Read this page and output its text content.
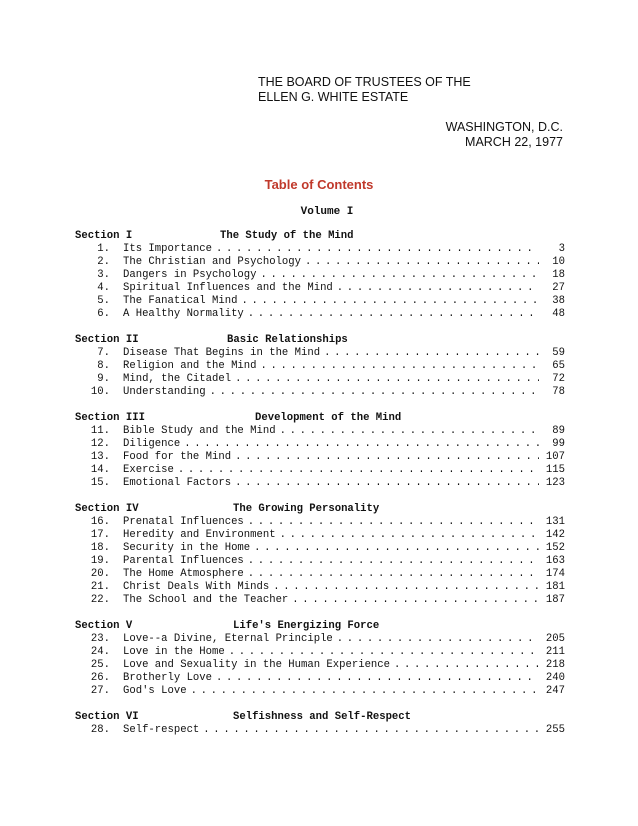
THE BOARD OF TRUSTEES OF THE
ELLEN G. WHITE ESTATE
WASHINGTON, D.C.
MARCH 22, 1977
Table of Contents
Volume I
Section I	The Study of the Mind
1.	Its Importance . . .	3
2.	The Christian and Psychology . . .	10
3.	Dangers in Psychology . . .	18
4.	Spiritual Influences and the Mind . . .	27
5.	The Fanatical Mind . . .	38
6.	A Healthy Normality . . .	48
Section II	Basic Relationships
7.	Disease That Begins in the Mind . . .	59
8.	Religion and the Mind . . .	65
9.	Mind, the Citadel . . .	72
10.	Understanding . . .	78
Section III	Development of the Mind
11.	Bible Study and the Mind . . .	89
12.	Diligence . . .	99
13.	Food for the Mind . . .	107
14.	Exercise . . .	115
15.	Emotional Factors . . .	123
Section IV	The Growing Personality
16.	Prenatal Influences . . .	131
17.	Heredity and Environment . . .	142
18.	Security in the Home . . .	152
19.	Parental Influences . . .	163
20.	The Home Atmosphere . . .	174
21.	Christ Deals With Minds . . .	181
22.	The School and the Teacher . . .	187
Section V	Life's Energizing Force
23.	Love--a Divine, Eternal Principle . . .	205
24.	Love in the Home . . .	211
25.	Love and Sexuality in the Human Experience . . .	218
26.	Brotherly Love . . .	240
27.	God's Love . . .	247
Section VI	Selfishness and Self-Respect
28.	Self-respect . . .	255
